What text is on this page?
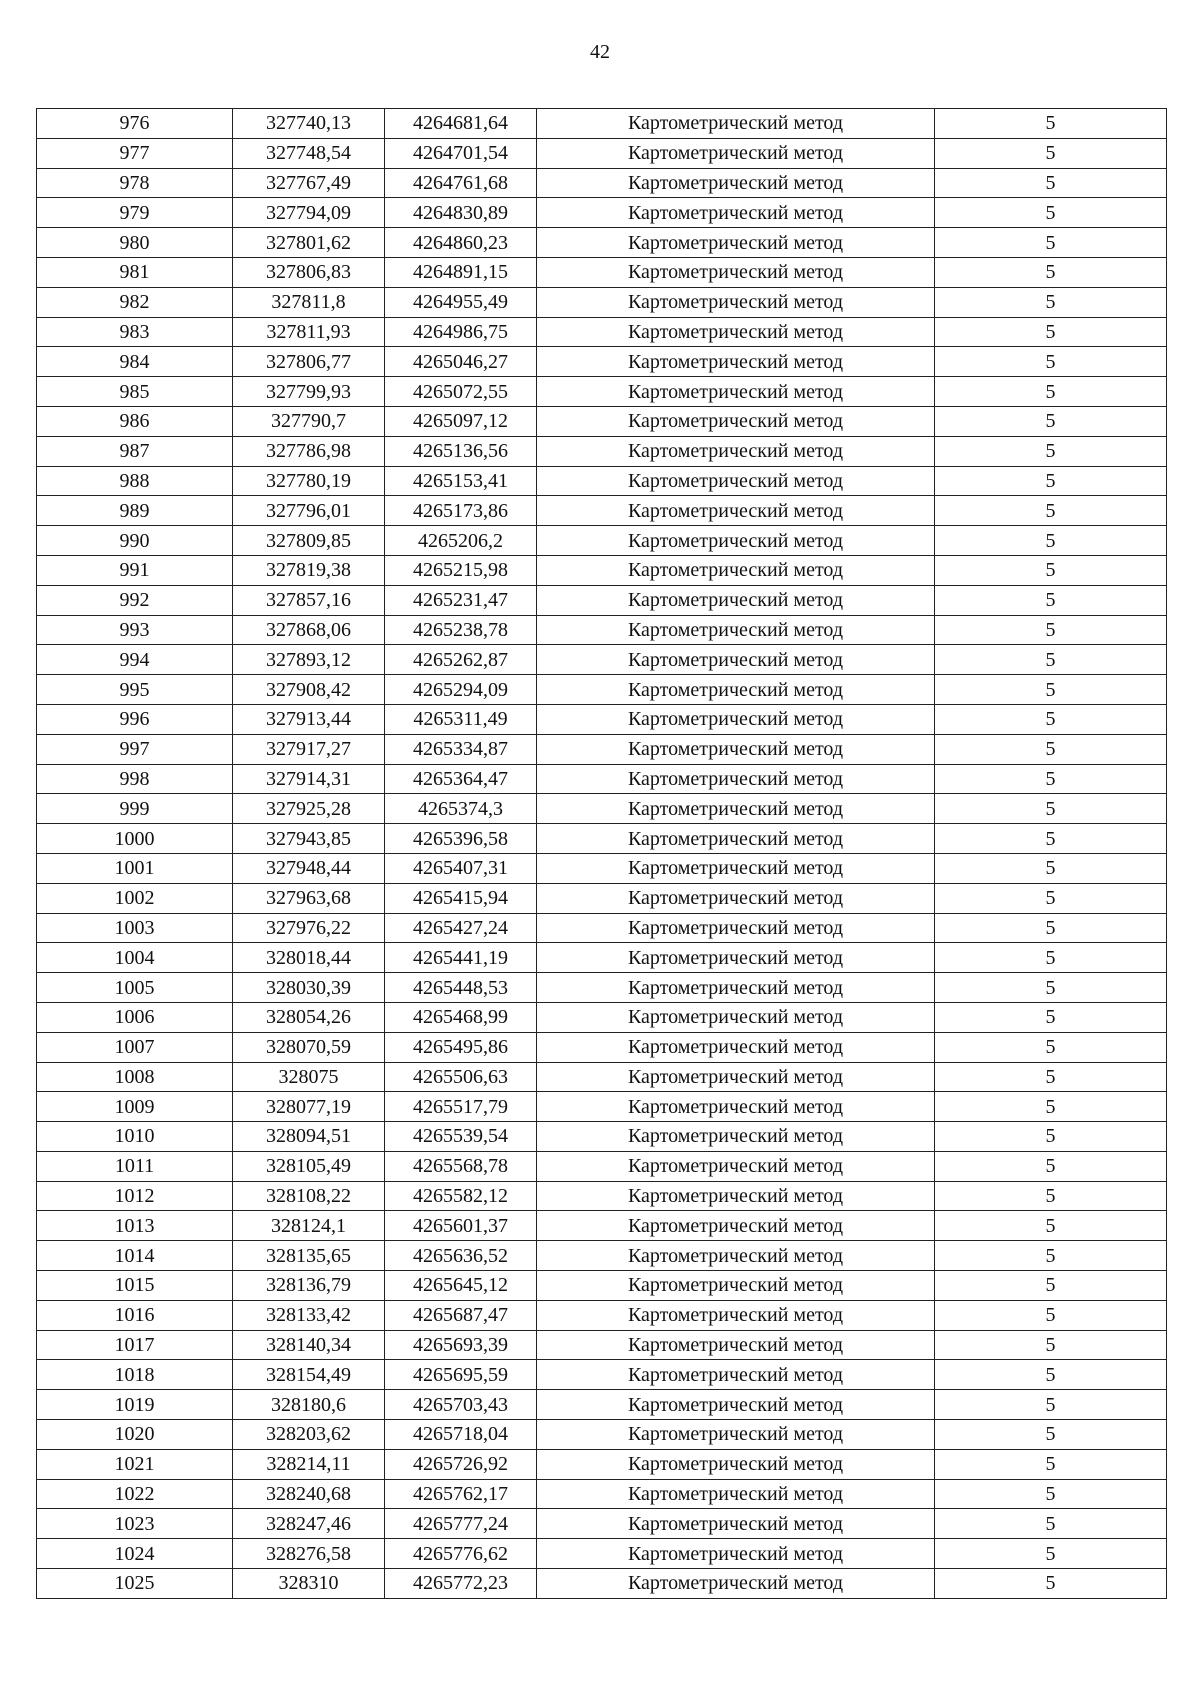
42
976	327740,13	4264681,64	Картометрический метод	5
977	327748,54	4264701,54	Картометрический метод	5
978	327767,49	4264761,68	Картометрический метод	5
979	327794,09	4264830,89	Картометрический метод	5
980	327801,62	4264860,23	Картометрический метод	5
981	327806,83	4264891,15	Картометрический метод	5
982	327811,8	4264955,49	Картометрический метод	5
983	327811,93	4264986,75	Картометрический метод	5
984	327806,77	4265046,27	Картометрический метод	5
985	327799,93	4265072,55	Картометрический метод	5
986	327790,7	4265097,12	Картометрический метод	5
987	327786,98	4265136,56	Картометрический метод	5
988	327780,19	4265153,41	Картометрический метод	5
989	327796,01	4265173,86	Картометрический метод	5
990	327809,85	4265206,2	Картометрический метод	5
991	327819,38	4265215,98	Картометрический метод	5
992	327857,16	4265231,47	Картометрический метод	5
993	327868,06	4265238,78	Картометрический метод	5
994	327893,12	4265262,87	Картометрический метод	5
995	327908,42	4265294,09	Картометрический метод	5
996	327913,44	4265311,49	Картометрический метод	5
997	327917,27	4265334,87	Картометрический метод	5
998	327914,31	4265364,47	Картометрический метод	5
999	327925,28	4265374,3	Картометрический метод	5
1000	327943,85	4265396,58	Картометрический метод	5
1001	327948,44	4265407,31	Картометрический метод	5
1002	327963,68	4265415,94	Картометрический метод	5
1003	327976,22	4265427,24	Картометрический метод	5
1004	328018,44	4265441,19	Картометрический метод	5
1005	328030,39	4265448,53	Картометрический метод	5
1006	328054,26	4265468,99	Картометрический метод	5
1007	328070,59	4265495,86	Картометрический метод	5
1008	328075	4265506,63	Картометрический метод	5
1009	328077,19	4265517,79	Картометрический метод	5
1010	328094,51	4265539,54	Картометрический метод	5
1011	328105,49	4265568,78	Картометрический метод	5
1012	328108,22	4265582,12	Картометрический метод	5
1013	328124,1	4265601,37	Картометрический метод	5
1014	328135,65	4265636,52	Картометрический метод	5
1015	328136,79	4265645,12	Картометрический метод	5
1016	328133,42	4265687,47	Картометрический метод	5
1017	328140,34	4265693,39	Картометрический метод	5
1018	328154,49	4265695,59	Картометрический метод	5
1019	328180,6	4265703,43	Картометрический метод	5
1020	328203,62	4265718,04	Картометрический метод	5
1021	328214,11	4265726,92	Картометрический метод	5
1022	328240,68	4265762,17	Картометрический метод	5
1023	328247,46	4265777,24	Картометрический метод	5
1024	328276,58	4265776,62	Картометрический метод	5
1025	328310	4265772,23	Картометрический метод	5
